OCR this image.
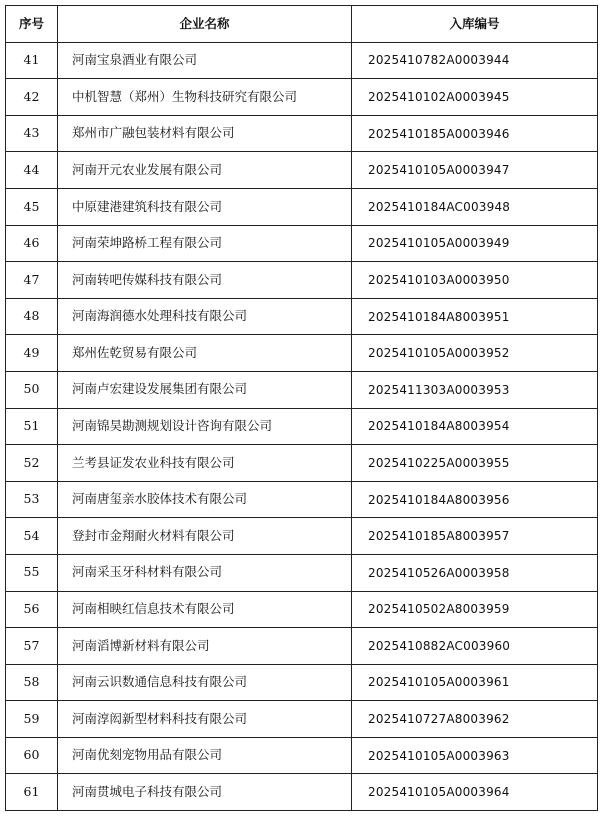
序号	企业名称	入库编号
41	河南宝泉酒业有限公司	2025410782A0003944
42	中机智慧（郑州）生物科技研究有限公司	2025410102A0003945
43	郑州市广融包装材料有限公司	2025410185A0003946
44	河南开元农业发展有限公司	2025410105A0003947
45	中原建港建筑科技有限公司	2025410184AC003948
46	河南荣坤路桥工程有限公司	2025410105A0003949
47	河南转吧传媒科技有限公司	2025410103A0003950
48	河南海润德水处理科技有限公司	2025410184A8003951
49	郑州佐乾贸易有限公司	2025410105A0003952
50	河南卢宏建设发展集团有限公司	2025411303A0003953
51	河南锦昊勘测规划设计咨询有限公司	2025410184A8003954
52	兰考县证发农业科技有限公司	2025410225A0003955
53	河南唐玺亲水胶体技术有限公司	2025410184A8003956
54	登封市金翔耐火材料有限公司	2025410185A8003957
55	河南采玉牙科材料有限公司	2025410526A0003958
56	河南相映红信息技术有限公司	2025410502A8003959
57	河南滔博新材料有限公司	2025410882AC003960
58	河南云识数通信息科技有限公司	2025410105A0003961
59	河南淳闳新型材料科技有限公司	2025410727A8003962
60	河南优刻宠物用品有限公司	2025410105A0003963
61	河南贯城电子科技有限公司	2025410105A0003964
